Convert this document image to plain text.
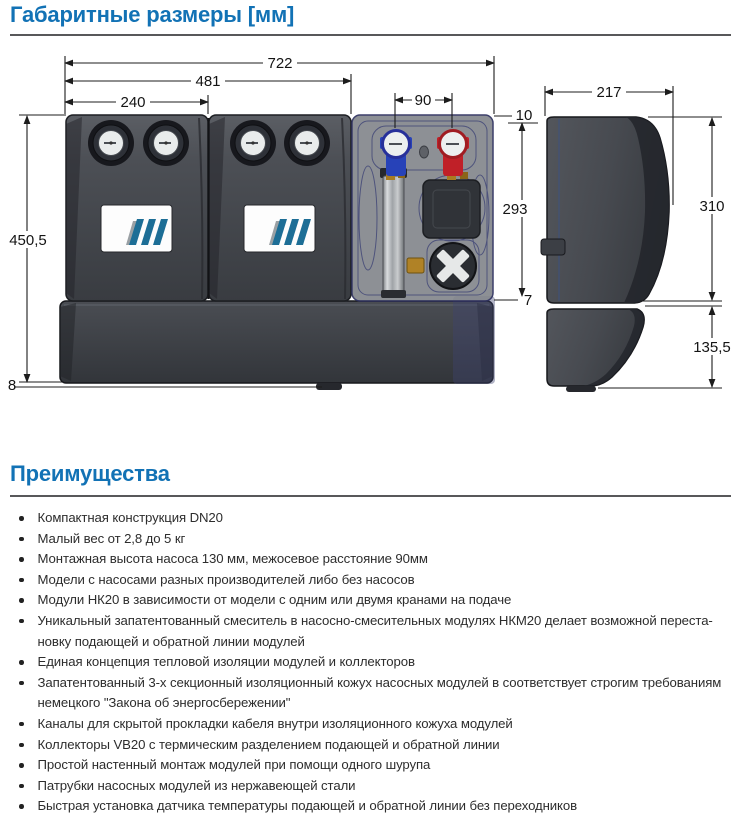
Габаритные размеры [мм]
722
481
240	90	217
450,5
8
10
293
7
310
135,5
Преимущества
Компактная конструкция DN20
Малый вес от 2,8 до 5 кг
Монтажная высота насоса 130 мм, межосевое расстояние 90мм
Модели с насосами разных производителей либо без насосов
Модули НК20 в зависимости от модели с одним или двумя кранами на подаче
Уникальный запатентованный смеситель в насосно-смесительных модулях НКМ20 делает возможной переста-
новку подающей и обратной линии модулей
Единая концепция тепловой изоляции модулей и коллекторов
Запатентованный 3-х секционный изоляционный кожух насосных модулей в соответствует строгим требованиям
немецкого "Закона об энергосбережении"
Каналы для скрытой прокладки кабеля внутри изоляционного кожуха модулей
Коллекторы VB20 с термическим разделением подающей и обратной линии
Простой настенный монтаж модулей при помощи одного шурупа
Патрубки насосных модулей из нержавеющей стали
Быстрая установка датчика температуры подающей и обратной линии без переходников
